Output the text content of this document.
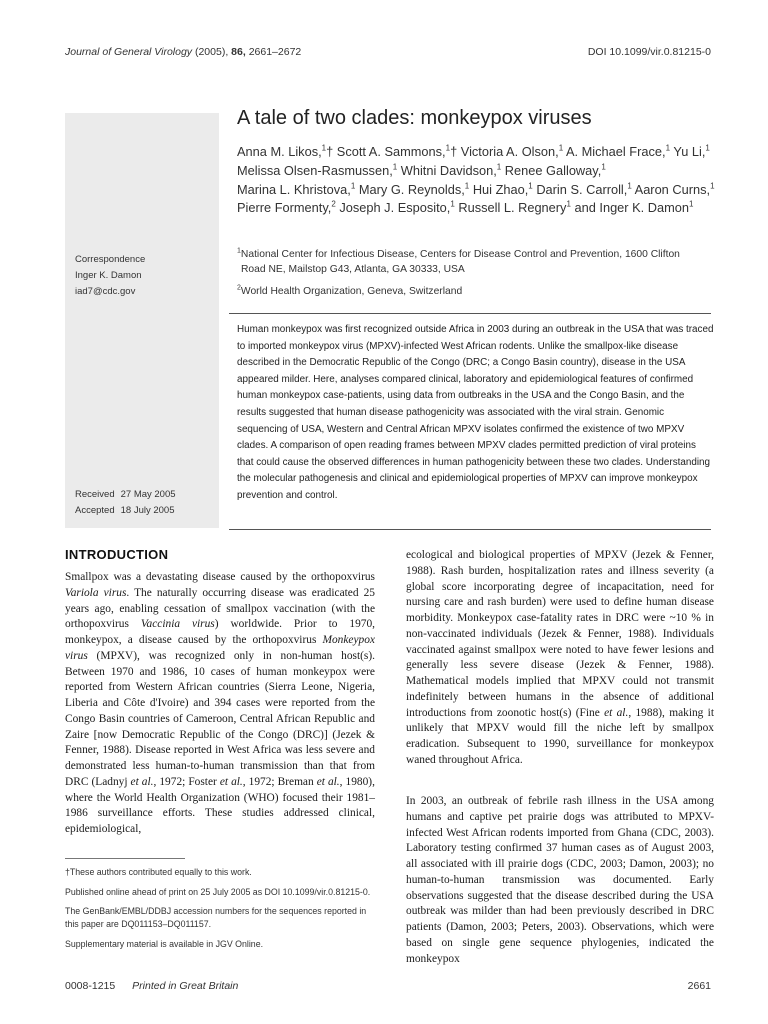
Journal of General Virology (2005), 86, 2661–2672	DOI 10.1099/vir.0.81215-0
Correspondence
Inger K. Damon
iad7@cdc.gov
Received 27 May 2005
Accepted 18 July 2005
A tale of two clades: monkeypox viruses
Anna M. Likos,$^1$† Scott A. Sammons,$^1$† Victoria A. Olson,$^1$ A. Michael Frace,$^1$ Yu Li,$^1$ Melissa Olsen-Rasmussen,$^1$ Whitni Davidson,$^1$ Renee Galloway,$^1$ Marina L. Khristova,$^1$ Mary G. Reynolds,$^1$ Hui Zhao,$^1$ Darin S. Carroll,$^1$ Aaron Curns,$^1$ Pierre Formenty,$^2$ Joseph J. Esposito,$^1$ Russell L. Regnery$^1$ and Inger K. Damon$^1$

$^1$National Center for Infectious Disease, Centers for Disease Control and Prevention, 1600 Clifton Road NE, Mailstop G43, Atlanta, GA 30333, USA

$^2$World Health Organization, Geneva, Switzerland

Human monkeypox was first recognized outside Africa in 2003 during an outbreak in the USA that was traced to imported monkeypox virus (MPXV)-infected West African rodents. Unlike the smallpox-like disease described in the Democratic Republic of the Congo (DRC; a Congo Basin country), disease in the USA appeared milder. Here, analyses compared clinical, laboratory and epidemiological features of confirmed human monkeypox case-patients, using data from outbreaks in the USA and the Congo Basin, and the results suggested that human disease pathogenicity was associated with the viral strain. Genomic sequencing of USA, Western and Central African MPXV isolates confirmed the existence of two MPXV clades. A comparison of open reading frames between MPXV clades permitted prediction of viral proteins that could cause the observed differences in human pathogenicity between these two clades. Understanding the molecular pathogenesis and clinical and epidemiological properties of MPXV can improve monkeypox prevention and control.

INTRODUCTION

Smallpox was a devastating disease caused by the orthopoxvirus Variola virus. The naturally occurring disease was eradicated 25 years ago, enabling cessation of smallpox vaccination (with the orthopoxvirus Vaccinia virus) worldwide. Prior to 1970, monkeypox, a disease caused by the orthopoxvirus Monkeypox virus (MPXV), was recognized only in non-human host(s). Between 1970 and 1986, 10 cases of human monkeypox were reported from Western African countries (Sierra Leone, Nigeria, Liberia and Côte d'Ivoire) and 394 cases were reported from the Congo Basin countries of Cameroon, Central African Republic and Zaire [now Democratic Republic of the Congo (DRC)] (Jezek & Fenner, 1988). Disease reported in West Africa was less severe and demonstrated less human-to-human transmission than that from DRC (Ladnyj et al., 1972; Foster et al., 1972; Breman et al., 1980), where the World Health Organization (WHO) focused their 1981–1986 surveillance efforts. These studies addressed clinical, epidemiological,

ecological and biological properties of MPXV (Jezek & Fenner, 1988). Rash burden, hospitalization rates and illness severity (a global score incorporating degree of incapacitation, need for nursing care and rash burden) were used to define human disease morbidity. Monkeypox case-fatality rates in DRC were ~10 % in non-vaccinated individuals (Jezek & Fenner, 1988). Individuals vaccinated against smallpox were noted to have fewer lesions and generally less severe disease (Jezek & Fenner, 1988). Mathematical models implied that MPXV could not transmit indefinitely between humans in the absence of additional introductions from zoonotic host(s) (Fine et al., 1988), making it unlikely that MPXV would fill the niche left by smallpox eradication. Subsequent to 1990, surveillance for monkeypox waned throughout Africa.

In 2003, an outbreak of febrile rash illness in the USA among humans and captive pet prairie dogs was attributed to MPXV-infected West African rodents imported from Ghana (CDC, 2003). Laboratory testing confirmed 37 human cases as of August 2003, all associated with ill prairie dogs (CDC, 2003; Damon, 2003); no human-to-human transmission was documented. Early observations suggested that the disease described during the USA outbreak was milder than had been previously described in DRC patients (Damon, 2003; Peters, 2003). Observations, which were based on single gene sequence phylogenies, indicated the monkeypox

†These authors contributed equally to this work.

Published online ahead of print on 25 July 2005 as DOI 10.1099/vir.0.81215-0.

The GenBank/EMBL/DDBJ accession numbers for the sequences reported in this paper are DQ011153–DQ011157.

Supplementary material is available in JGV Online.

0008-1215 Printed in Great Britain	2661
